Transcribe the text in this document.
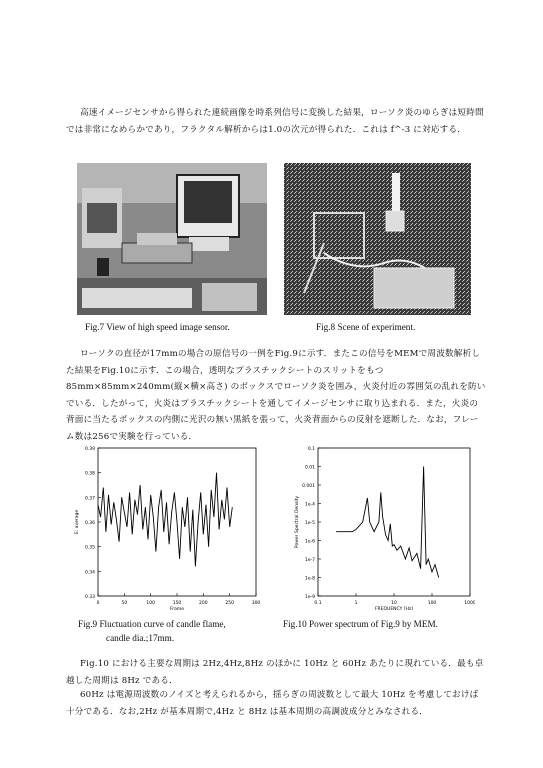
高速イメージセンサから得られた連続画像を時系列信号に変換した結果，ローソク炎のゆらぎは短時間では非常になめらかであり，フラクタル解析からは1.0の次元が得られた．これは f^-3 に対応する．

Fig.7 View of high speed image sensor.	Fig.8 Scene of experiment.

ローソクの直径が17mmの場合の原信号の一例をFig.9に示す．またこの信号をMEMで周波数解析した結果をFig.10に示す．この場合，透明なプラスチックシートのスリットをもつ 85mm×85mm×240mm(縦×横×高さ) のボックスでローソク炎を囲み，火炎付近の雰囲気の乱れを防いでいる．したがって，火炎はプラスチックシートを通してイメージセンサに取り込まれる．また，火炎の背面に当たるボックスの内側に光沢の無い黒紙を張って，火炎背面からの反射を遮断した．なお，フレーム数は256で実験を行っている．

0.33
0.34
0.35
0.36
0.37
0.38
0.39
0	50	100	150	200	250	300
Frame
E: average
0.1
0.01
0.001
1e-4
1e-5
1e-6
1e-7
1e-8
1e-9
0.1	1	10	100	1000
FREQUENCY [Hz]
Power Spectral Density

Fig.9 Fluctuation curve of candle flame,

candle dia.;17mm.

Fig.10 Power spectrum of Fig.9 by MEM.

Fig.10 における主要な周期は 2Hz,4Hz,8Hz のほかに 10Hz と 60Hz あたりに現れている．最も卓越した周期は 8Hz である．

60Hz は電源周波数のノイズと考えられるから，揺らぎの周波数として最大 10Hz を考慮しておけば十分である．なお,2Hz が基本周期で,4Hz と 8Hz は基本周期の高調波成分とみなされる．
